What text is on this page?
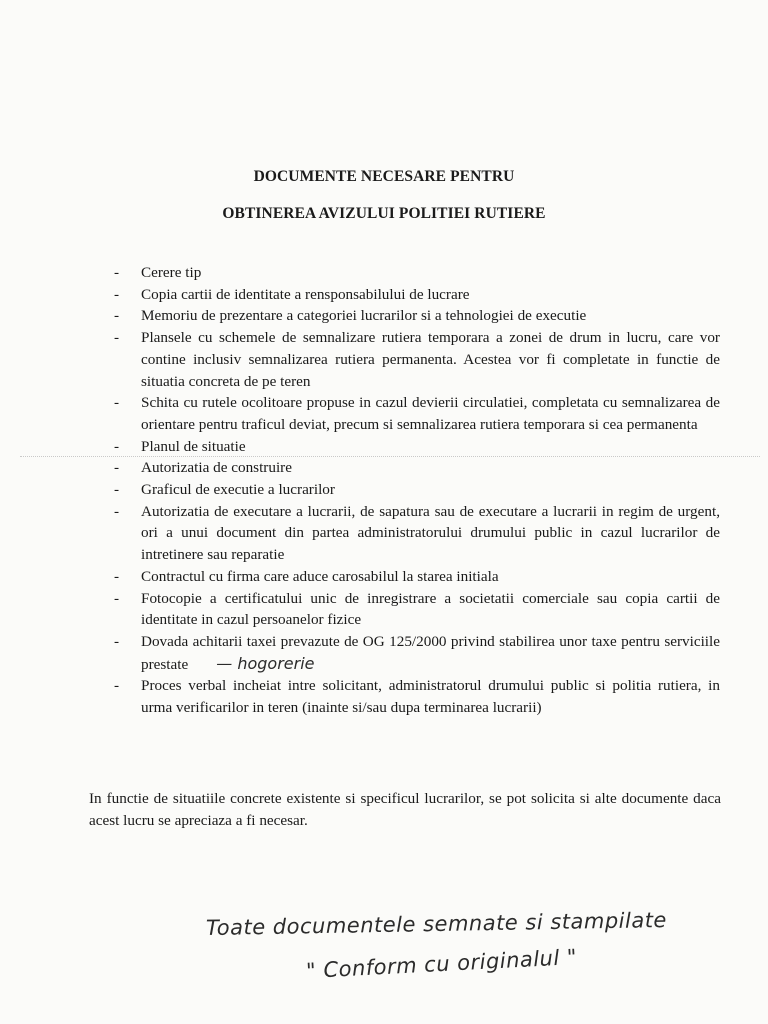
DOCUMENTE NECESARE PENTRU
OBTINEREA AVIZULUI POLITIEI RUTIERE
- Cerere tip
- Copia cartii de identitate a rensponsabilului de lucrare
- Memoriu de prezentare a categoriei lucrarilor si a tehnologiei de executie
- Plansele cu schemele de semnalizare rutiera temporara a zonei de drum in lucru, care vor contine inclusiv semnalizarea rutiera permanenta. Acestea vor fi completate in functie de situatia concreta de pe teren
- Schita cu rutele ocolitoare propuse in cazul devierii circulatiei, completata cu semnalizarea de orientare pentru traficul deviat, precum si semnalizarea rutiera temporara si cea permanenta
- Planul de situatie
- Autorizatia de construire
- Graficul de executie a lucrarilor
- Autorizatia de executare a lucrarii, de sapatura sau de executare a lucrarii in regim de urgent, ori a unui document din partea administratorului drumului public in cazul lucrarilor de intretinere sau reparatie
- Contractul cu firma care aduce carosabilul la starea initiala
- Fotocopie a certificatului unic de inregistrare a societatii comerciale sau copia cartii de identitate in cazul persoanelor fizice
- Dovada achitarii taxei prevazute de OG 125/2000 privind stabilirea unor taxe pentru serviciile prestate — hogorerie
- Proces verbal incheiat intre solicitant, administratorul drumului public si politia rutiera, in urma verificarilor in teren (inainte si/sau dupa terminarea lucrarii)
In functie de situatiile concrete existente si specificul lucrarilor, se pot solicita si alte documente daca acest lucru se apreciaza a fi necesar.
Toate documentele semnate si stampilate
" Conform cu originalul "
